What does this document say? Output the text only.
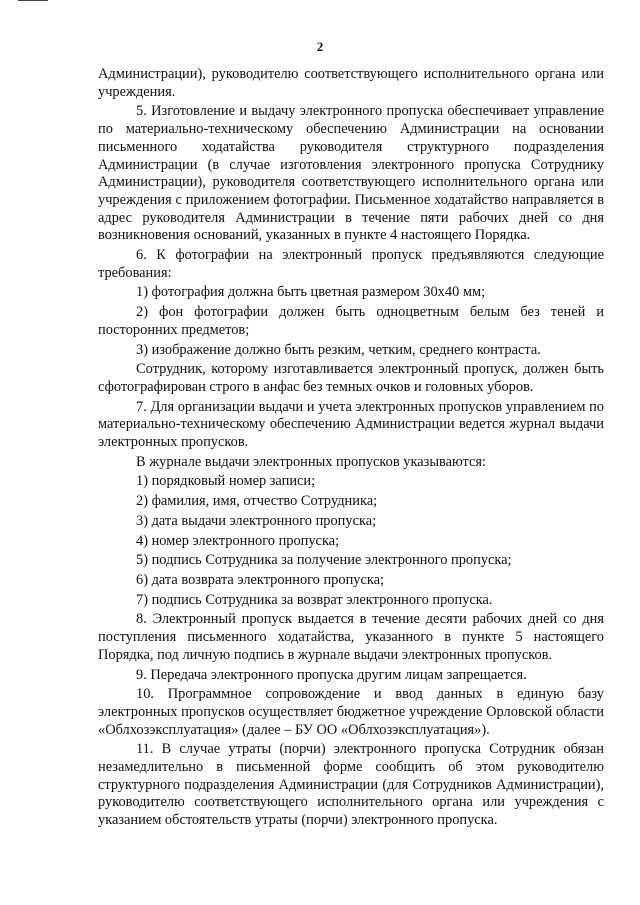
2

Администрации), руководителю соответствующего исполнительного органа или учреждения.

5. Изготовление и выдачу электронного пропуска обеспечивает управление по материально-техническому обеспечению Администрации на основании письменного ходатайства руководителя структурного подразделения Администрации (в случае изготовления электронного пропуска Сотруднику Администрации), руководителя соответствующего исполнительного органа или учреждения с приложением фотографии. Письменное ходатайство направляется в адрес руководителя Администрации в течение пяти рабочих дней со дня возникновения оснований, указанных в пункте 4 настоящего Порядка.

6. К фотографии на электронный пропуск предъявляются следующие требования:

1) фотография должна быть цветная размером 30х40 мм;

2) фон фотографии должен быть одноцветным белым без теней и посторонних предметов;

3) изображение должно быть резким, четким, среднего контраста.

Сотрудник, которому изготавливается электронный пропуск, должен быть сфотографирован строго в анфас без темных очков и головных уборов.

7. Для организации выдачи и учета электронных пропусков управлением по материально-техническому обеспечению Администрации ведется журнал выдачи электронных пропусков.

В журнале выдачи электронных пропусков указываются:

1) порядковый номер записи;

2) фамилия, имя, отчество Сотрудника;

3) дата выдачи электронного пропуска;

4) номер электронного пропуска;

5) подпись Сотрудника за получение электронного пропуска;

6) дата возврата электронного пропуска;

7) подпись Сотрудника за возврат электронного пропуска.

8. Электронный пропуск выдается в течение десяти рабочих дней со дня поступления письменного ходатайства, указанного в пункте 5 настоящего Порядка, под личную подпись в журнале выдачи электронных пропусков.

9. Передача электронного пропуска другим лицам запрещается.

10. Программное сопровождение и ввод данных в единую базу электронных пропусков осуществляет бюджетное учреждение Орловской области «Облхозэксплуатация» (далее – БУ ОО «Облхозэксплуатация»).

11. В случае утраты (порчи) электронного пропуска Сотрудник обязан незамедлительно в письменной форме сообщить об этом руководителю структурного подразделения Администрации (для Сотрудников Администрации), руководителю соответствующего исполнительного органа или учреждения с указанием обстоятельств утраты (порчи) электронного пропуска.
